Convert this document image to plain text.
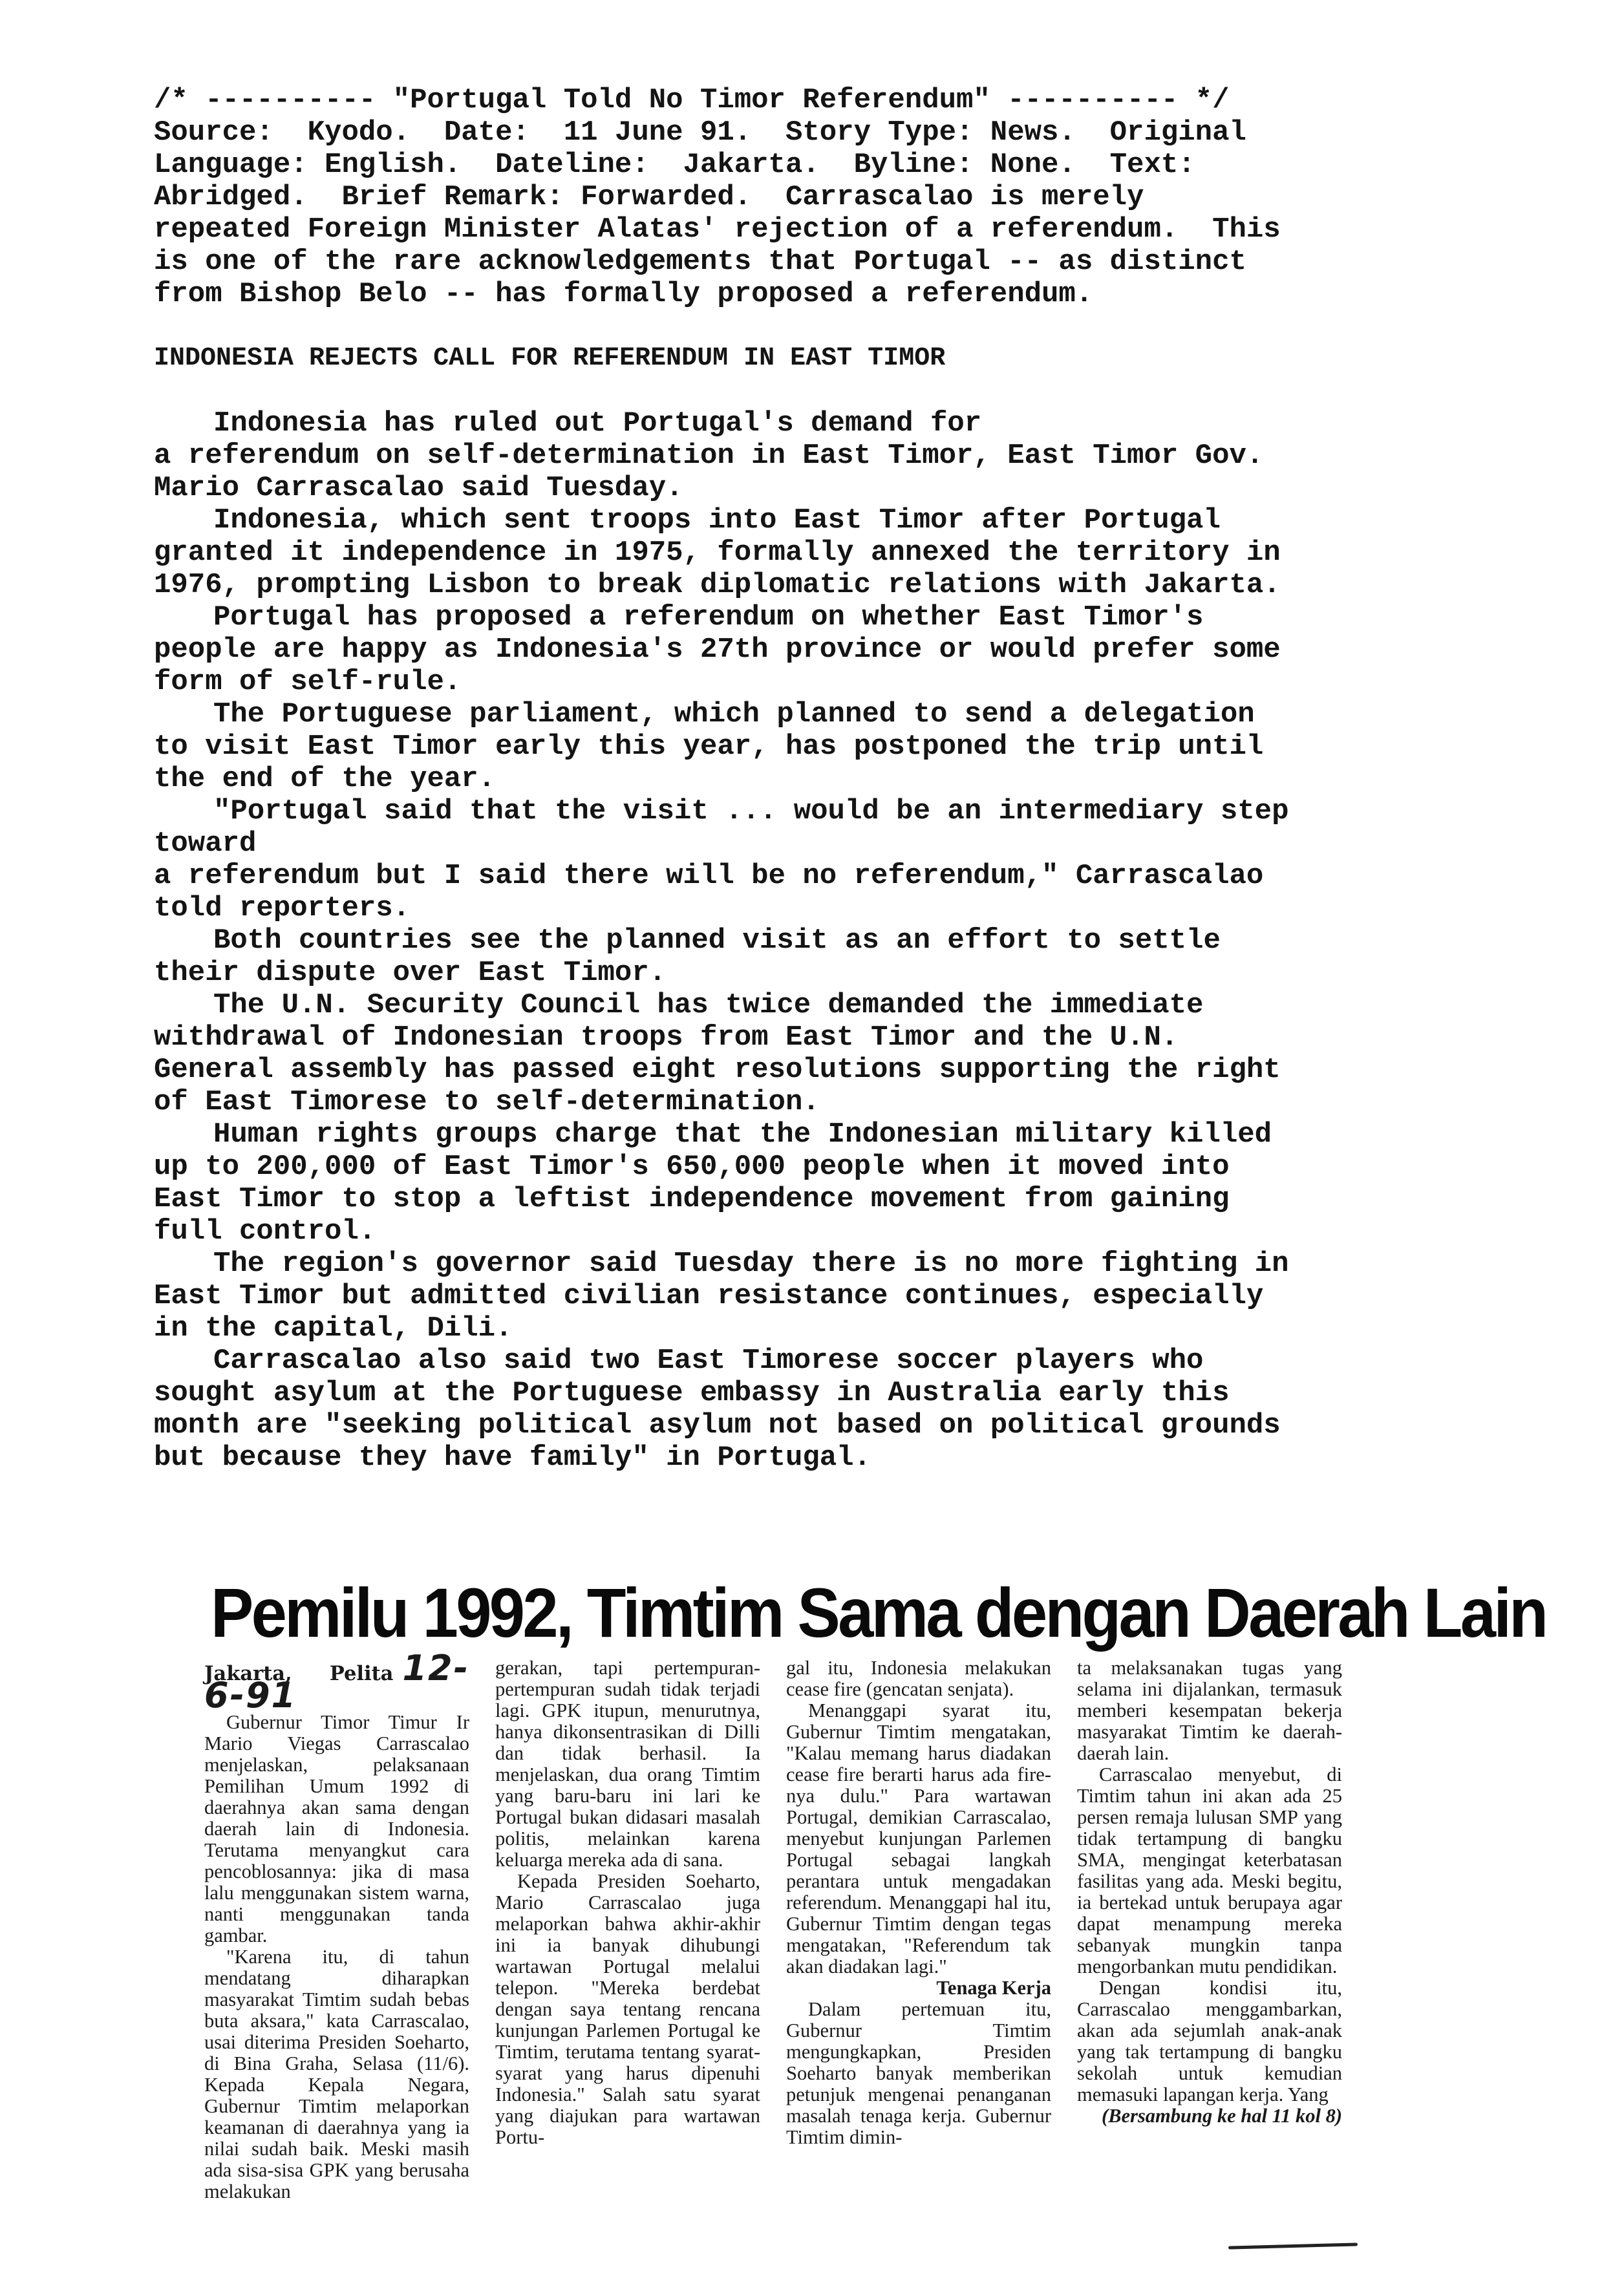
/* ---------- "Portugal Told No Timor Referendum" ---------- */

Source:  Kyodo.  Date:  11 June 91.  Story Type: News.  Original

Language: English.  Dateline:  Jakarta.  Byline: None.  Text:

Abridged.  Brief Remark: Forwarded.  Carrascalao is merely

repeated Foreign Minister Alatas' rejection of a referendum.  This

is one of the rare acknowledgements that Portugal -- as distinct

from Bishop Belo -- has formally proposed a referendum.

INDONESIA REJECTS CALL FOR REFERENDUM IN EAST TIMOR

Indonesia has ruled out Portugal's demand for

a referendum on self-determination in East Timor, East Timor Gov.

Mario Carrascalao said Tuesday.

Indonesia, which sent troops into East Timor after Portugal

granted it independence in 1975, formally annexed the territory in

1976, prompting Lisbon to break diplomatic relations with Jakarta.

Portugal has proposed a referendum on whether East Timor's

people are happy as Indonesia's 27th province or would prefer some

form of self-rule.

The Portuguese parliament, which planned to send a delegation

to visit East Timor early this year, has postponed the trip until

the end of the year.

"Portugal said that the visit ... would be an intermediary step

toward

a referendum but I said there will be no referendum," Carrascalao

told reporters.

Both countries see the planned visit as an effort to settle

their dispute over East Timor.

The U.N. Security Council has twice demanded the immediate

withdrawal of Indonesian troops from East Timor and the U.N.

General assembly has passed eight resolutions supporting the right

of East Timorese to self-determination.

Human rights groups charge that the Indonesian military killed

up to 200,000 of East Timor's 650,000 people when it moved into

East Timor to stop a leftist independence movement from gaining

full control.

The region's governor said Tuesday there is no more fighting in

East Timor but admitted civilian resistance continues, especially

in the capital, Dili.

Carrascalao also said two East Timorese soccer players who

sought asylum at the Portuguese embassy in Australia early this

month are "seeking political asylum not based on political grounds

but because they have family" in Portugal.

Pemilu 1992, Timtim Sama dengan Daerah Lain

Jakarta, Pelita 12-6-91

Gubernur Timor Timur Ir Mario Viegas Carrascalao menjelaskan, pelaksanaan Pemilihan Umum 1992 di daerahnya akan sama dengan daerah lain di Indonesia. Terutama menyangkut cara pencoblosannya: jika di masa lalu menggunakan sistem warna, nanti menggunakan tanda gambar.

"Karena itu, di tahun mendatang diharapkan masyarakat Timtim sudah bebas buta aksara," kata Carrascalao, usai diterima Presiden Soeharto, di Bina Graha, Selasa (11/6). Kepada Kepala Negara, Gubernur Timtim melaporkan keamanan di daerahnya yang ia nilai sudah baik. Meski masih ada sisa-sisa GPK yang berusaha melakukan

gerakan, tapi pertempuran-pertempuran sudah tidak terjadi lagi. GPK itupun, menurutnya, hanya dikonsentrasikan di Dilli dan tidak berhasil. Ia menjelaskan, dua orang Timtim yang baru-baru ini lari ke Portugal bukan didasari masalah politis, melainkan karena keluarga mereka ada di sana.

Kepada Presiden Soeharto, Mario Carrascalao juga melaporkan bahwa akhir-akhir ini ia banyak dihubungi wartawan Portugal melalui telepon. "Mereka berdebat dengan saya tentang rencana kunjungan Parlemen Portugal ke Timtim, terutama tentang syarat-syarat yang harus dipenuhi Indonesia." Salah satu syarat yang diajukan para wartawan Portu-

gal itu, Indonesia melakukan cease fire (gencatan senjata).

Menanggapi syarat itu, Gubernur Timtim mengatakan, "Kalau memang harus diadakan cease fire berarti harus ada fire-nya dulu." Para wartawan Portugal, demikian Carrascalao, menyebut kunjungan Parlemen Portugal sebagai langkah perantara untuk mengadakan referendum. Menanggapi hal itu, Gubernur Timtim dengan tegas mengatakan, "Referendum tak akan diadakan lagi."

Tenaga Kerja

Dalam pertemuan itu, Gubernur Timtim mengungkapkan, Presiden Soeharto banyak memberikan petunjuk mengenai penanganan masalah tenaga kerja. Gubernur Timtim dimin-

ta melaksanakan tugas yang selama ini dijalankan, termasuk memberi kesempatan bekerja masyarakat Timtim ke daerah-daerah lain.

Carrascalao menyebut, di Timtim tahun ini akan ada 25 persen remaja lulusan SMP yang tidak tertampung di bangku SMA, mengingat keterbatasan fasilitas yang ada. Meski begitu, ia bertekad untuk berupaya agar dapat menampung mereka sebanyak mungkin tanpa mengorbankan mutu pendidikan.

Dengan kondisi itu, Carrascalao menggambarkan, akan ada sejumlah anak-anak yang tak tertampung di bangku sekolah untuk kemudian memasuki lapangan kerja. Yang

(Bersambung ke hal 11 kol 8)
